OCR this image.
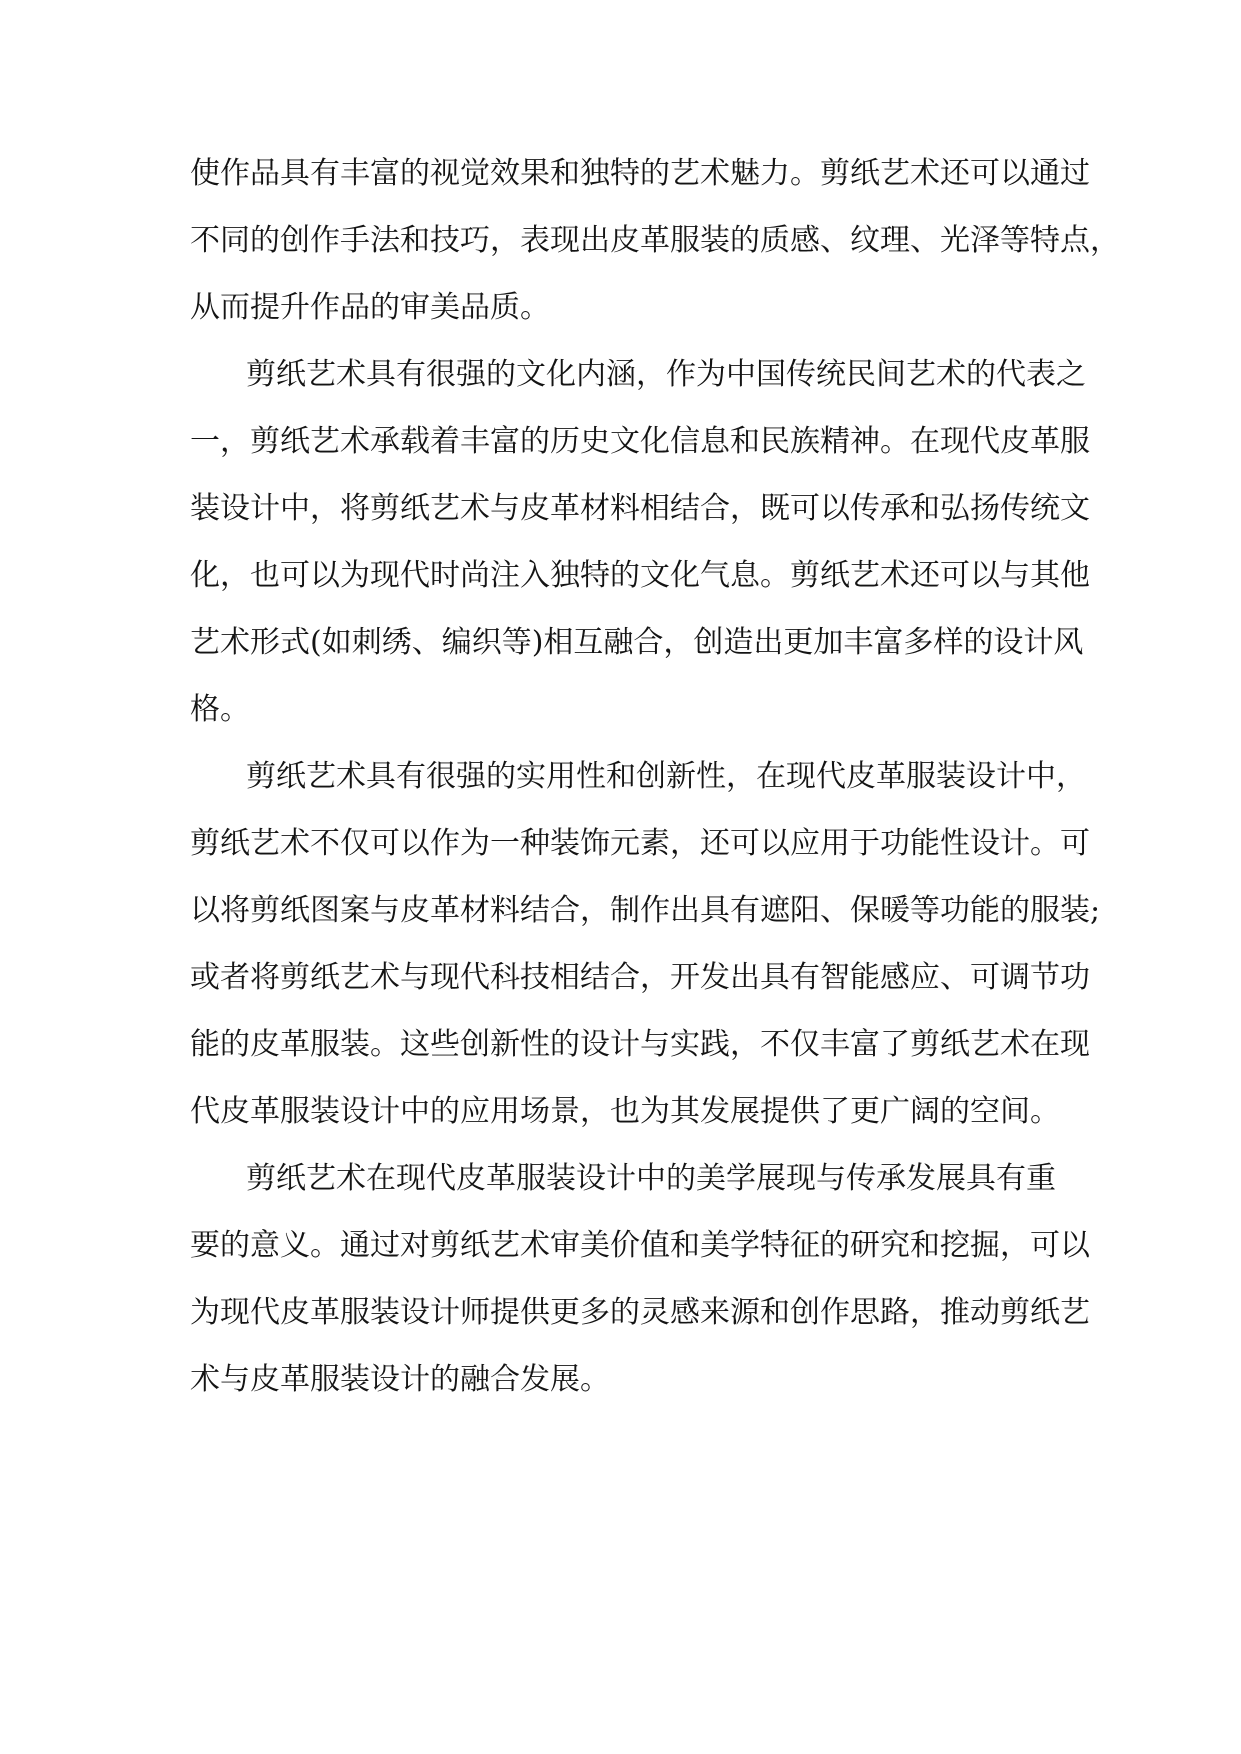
使作品具有丰富的视觉效果和独特的艺术魅力。剪纸艺术还可以通过
不同的创作手法和技巧，表现出皮革服装的质感、纹理、光泽等特点，
从而提升作品的审美品质。
剪纸艺术具有很强的文化内涵，作为中国传统民间艺术的代表之
一，剪纸艺术承载着丰富的历史文化信息和民族精神。在现代皮革服
装设计中，将剪纸艺术与皮革材料相结合，既可以传承和弘扬传统文
化，也可以为现代时尚注入独特的文化气息。剪纸艺术还可以与其他
艺术形式(如刺绣、编织等)相互融合，创造出更加丰富多样的设计风
格。
剪纸艺术具有很强的实用性和创新性，在现代皮革服装设计中，
剪纸艺术不仅可以作为一种装饰元素，还可以应用于功能性设计。可
以将剪纸图案与皮革材料结合，制作出具有遮阳、保暖等功能的服装;
或者将剪纸艺术与现代科技相结合，开发出具有智能感应、可调节功
能的皮革服装。这些创新性的设计与实践，不仅丰富了剪纸艺术在现
代皮革服装设计中的应用场景，也为其发展提供了更广阔的空间。
剪纸艺术在现代皮革服装设计中的美学展现与传承发展具有重
要的意义。通过对剪纸艺术审美价值和美学特征的研究和挖掘，可以
为现代皮革服装设计师提供更多的灵感来源和创作思路，推动剪纸艺
术与皮革服装设计的融合发展。
